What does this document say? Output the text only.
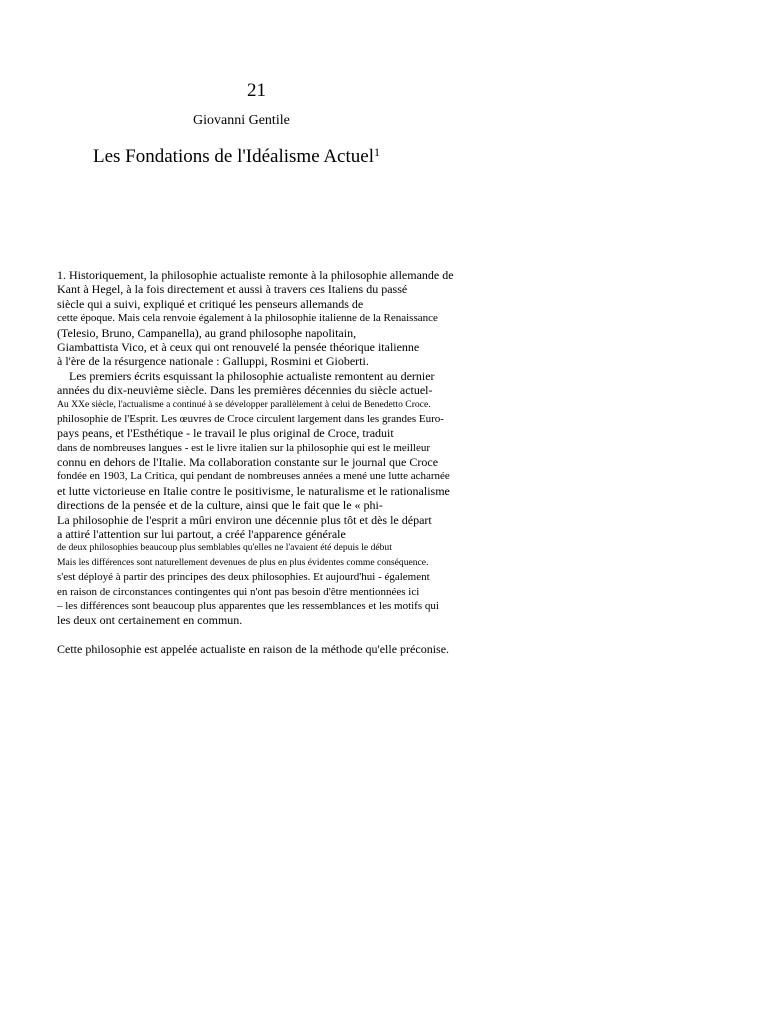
21
Giovanni Gentile
Les Fondations de l'Idéalisme Actuel$^1$
1. Historiquement, la philosophie actualiste remonte à la philosophie allemande de
Kant à Hegel, à la fois directement et aussi à travers ces Italiens du passé
siècle qui a suivi, expliqué et critiqué les penseurs allemands de
cette époque. Mais cela renvoie également à la philosophie italienne de la Renaissance
(Telesio, Bruno, Campanella), au grand philosophe napolitain,
Giambattista Vico, et à ceux qui ont renouvelé la pensée théorique italienne
à l'ère de la résurgence nationale : Galluppi, Rosmini et Gioberti.
Les premiers écrits esquissant la philosophie actualiste remontent au dernier
années du dix-neuvième siècle. Dans les premières décennies du siècle actuel-
Au XXe siècle, l'actualisme a continué à se développer parallèlement à celui de Benedetto Croce.
philosophie de l'Esprit. Les œuvres de Croce circulent largement dans les grandes Euro-
pays peans, et l'Esthétique - le travail le plus original de Croce, traduit
dans de nombreuses langues - est le livre italien sur la philosophie qui est le meilleur
connu en dehors de l'Italie. Ma collaboration constante sur le journal que Croce
fondée en 1903, La Critica, qui pendant de nombreuses années a mené une lutte acharnée
et lutte victorieuse en Italie contre le positivisme, le naturalisme et le rationalisme
directions de la pensée et de la culture, ainsi que le fait que le « phi-
La philosophie de l'esprit a mûri environ une décennie plus tôt et dès le départ
a attiré l'attention sur lui partout, a créé l'apparence générale
de deux philosophies beaucoup plus semblables qu'elles ne l'avaient été depuis le début
Mais les différences sont naturellement devenues de plus en plus évidentes comme conséquence.
s'est déployé à partir des principes des deux philosophies. Et aujourd'hui - également
en raison de circonstances contingentes qui n'ont pas besoin d'être mentionnées ici
– les différences sont beaucoup plus apparentes que les ressemblances et les motifs qui
les deux ont certainement en commun.
Cette philosophie est appelée actualiste en raison de la méthode qu'elle préconise.
